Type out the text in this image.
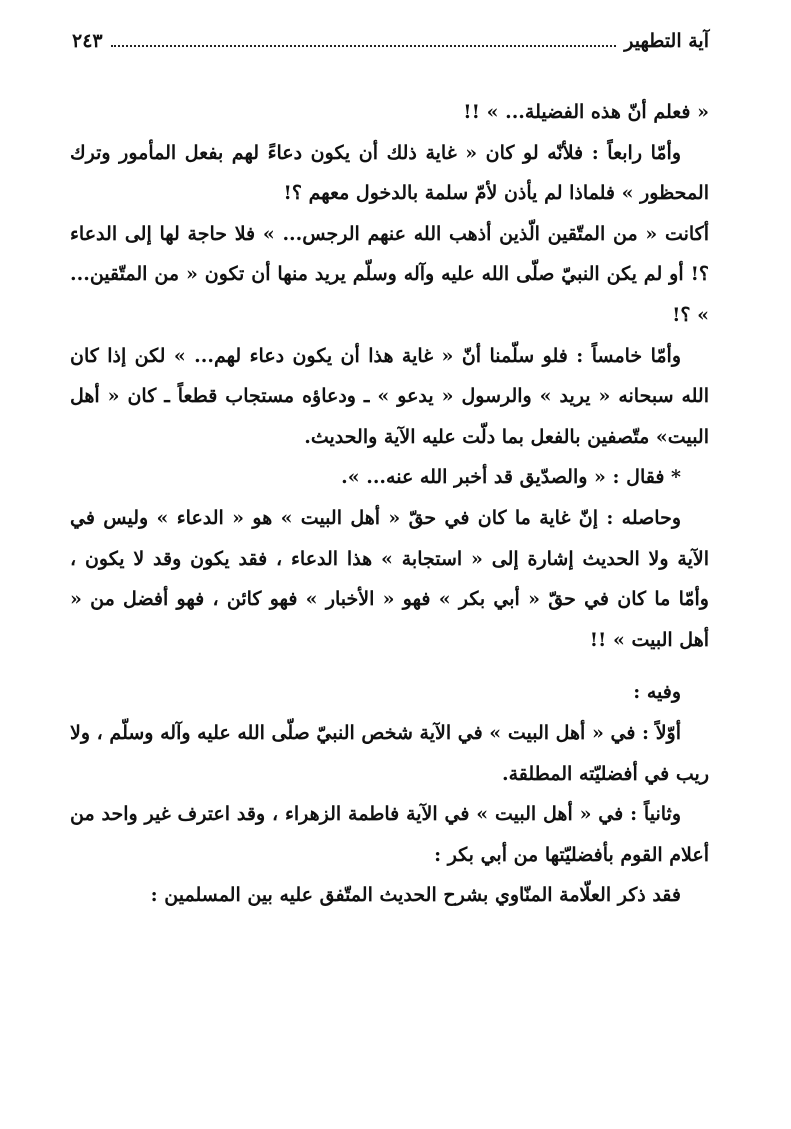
٢٤٣	آية التطهير

« فعلم أنّ هذه الفضيلة... » !!

وأمّا رابعاً : فلأنّه لو كان « غاية ذلك أن يكون دعاءً لهم بفعل المأمور وترك المحظور » فلماذا لم يأذن لأمّ سلمة بالدخول معهم ؟!

أكانت « من المتّقين الّذين أذهب الله عنهم الرجس... » فلا حاجة لها إلى الدعاء ؟! أو لم يكن النبيّ صلّى الله عليه وآله وسلّم يريد منها أن تكون « من المتّقين... » ؟!

وأمّا خامساً : فلو سلّمنا أنّ « غاية هذا أن يكون دعاء لهم... » لكن إذا كان الله سبحانه « يريد » والرسول « يدعو » ـ ودعاؤه مستجاب قطعاً ـ كان « أهل البيت» متّصفين بالفعل بما دلّت عليه الآية والحديث.

* فقال : « والصدّيق قد أخبر الله عنه... ».

وحاصله : إنّ غاية ما كان في حقّ « أهل البيت » هو « الدعاء » وليس في الآية ولا الحديث إشارة إلى « استجابة » هذا الدعاء ، فقد يكون وقد لا يكون ، وأمّا ما كان في حقّ « أبي بكر » فهو « الأخبار » فهو كائن ، فهو أفضل من « أهل البيت » !!

وفيه :

أوّلاً : في « أهل البيت » في الآية شخص النبيّ صلّى الله عليه وآله وسلّم ، ولا ريب في أفضليّته المطلقة.

وثانياً : في « أهل البيت » في الآية فاطمة الزهراء ، وقد اعترف غير واحد من أعلام القوم بأفضليّتها من أبي بكر :

فقد ذكر العلّامة المنّاوي بشرح الحديث المتّفق عليه بين المسلمين :
